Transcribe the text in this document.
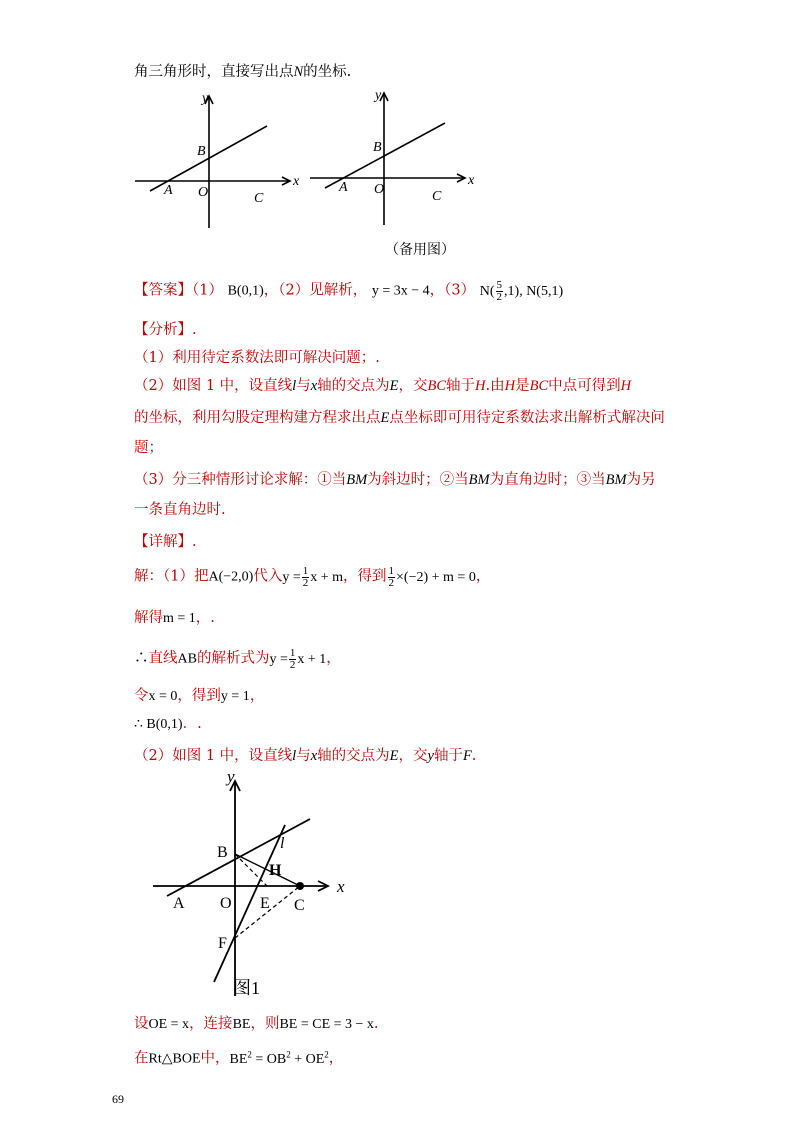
角三角形时，直接写出点N的坐标.
y
x
B
A O	C
y
x
B
A O	C
（备用图）
【答案】（1） B(0,1)，（2）见解析， y = 3x − 4，（3） $N( \frac{5}{2} ,1)$, N(5,1)
【分析】.
（1）利用待定系数法即可解决问题；.
（2）如图 1 中，设直线l与x轴的交点为E，交BC轴于H.由H是BC中点可得到H
的坐标，利用勾股定理构建方程求出点E点坐标即可用待定系数法求出解析式解决问
题；
（3）分三种情形讨论求解：①当BM为斜边时；②当BM为直角边时；③当BM为另
一条直角边时.
【详解】.
解：（1）把A(−2,0)代入$y = \frac{1}{2}$ x + m，得到 $\frac{1}{2} \times(-2) + m = 0$，
解得m = 1，.
∴直线AB的解析式为$y = \frac{1}{2}$ x + 1，
令x = 0，得到y = 1，
∴ B(0,1)．.
（2）如图 1 中，设直线l与x轴的交点为E，交y轴于F.
y
x
B
H
l
A O E C
F
图1
设OE = x，连接BE，则BE = CE = 3 − x.
在Rt△BOE中，$BE^2 = OB^2 + OE^2$，
69
